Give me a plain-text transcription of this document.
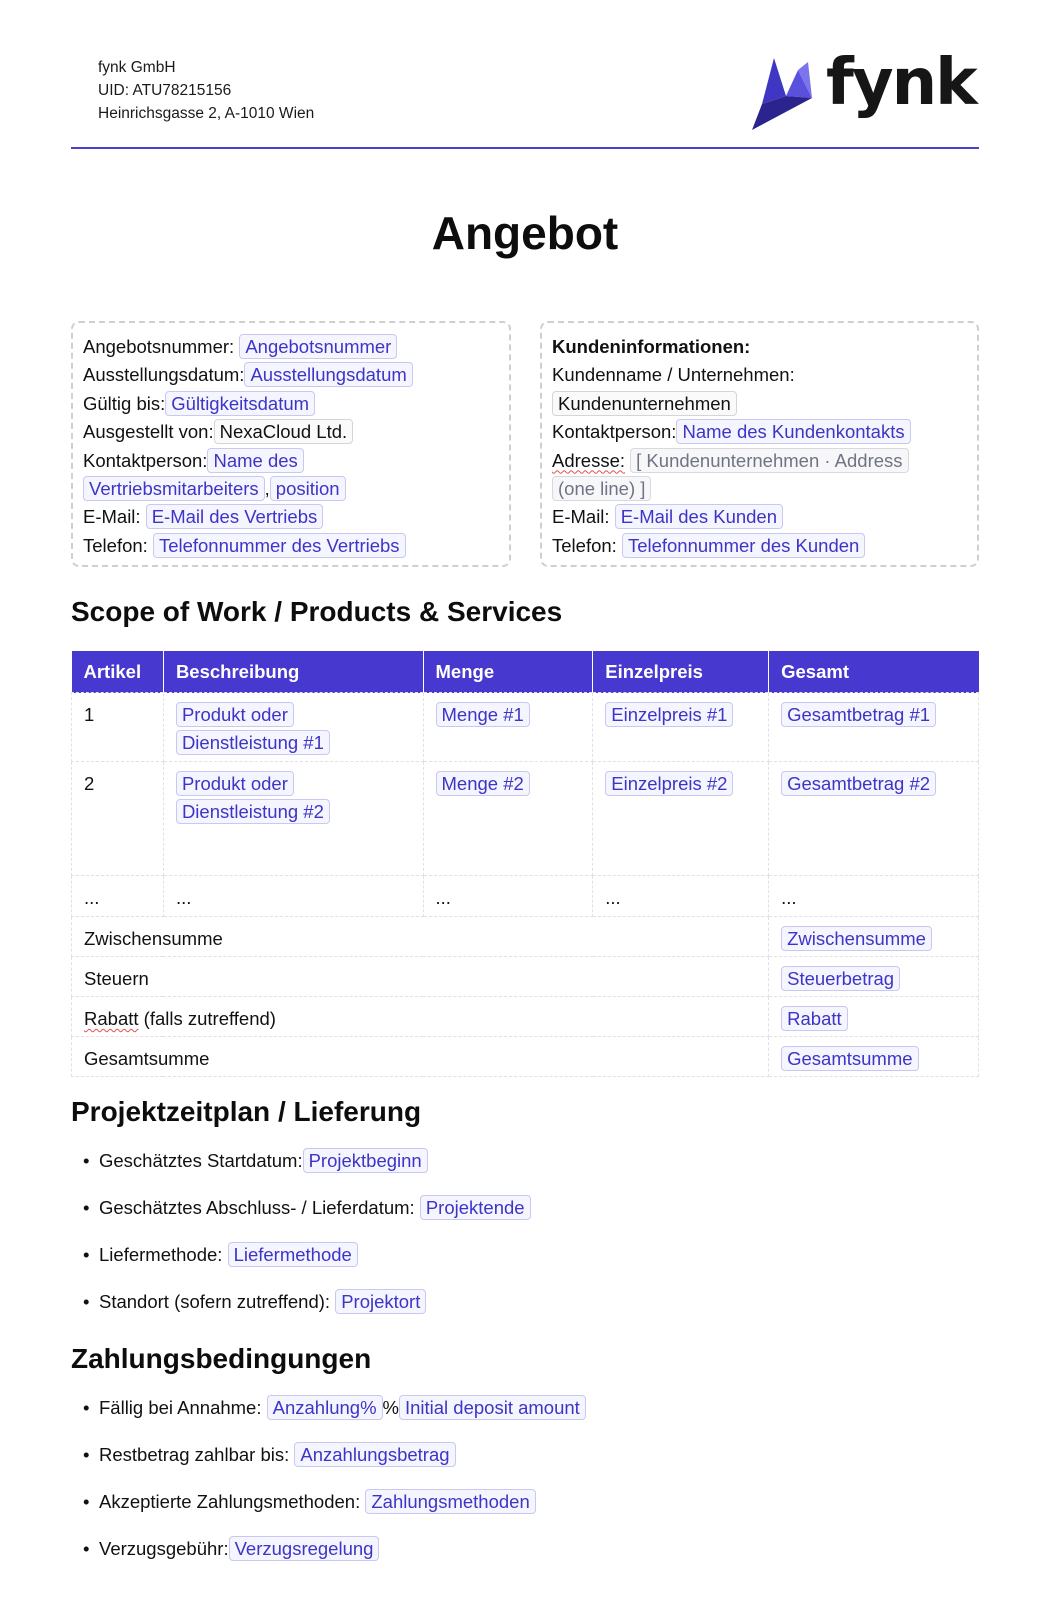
fynk GmbH
UID: ATU78215156
Heinrichsgasse 2, A-1010 Wien	fynk
Angebot
Angebotsnummer: Angebotsnummer
Ausstellungsdatum: Ausstellungsdatum
Gültig bis: Gültigkeitsdatum
Ausgestellt von: NexaCloud Ltd.
Kontaktperson: Name des
Vertriebsmitarbeiters , position
E-Mail: E-Mail des Vertriebs
Telefon: Telefonnummer des Vertriebs
Kundeninformationen:
Kundenname / Unternehmen:
Kundenunternehmen
Kontaktperson: Name des Kundenkontakts
Adresse: [ Kundenunternehmen · Address
(one line) ]
E-Mail: E-Mail des Kunden
Telefon: Telefonnummer des Kunden
Scope of Work / Products & Services
Artikel	Beschreibung	Menge	Einzelpreis	Gesamt
1	Produkt oder
Dienstleistung #1	Menge #1	Einzelpreis #1	Gesamtbetrag #1
2	Produkt oder
Dienstleistung #2	Menge #2	Einzelpreis #2	Gesamtbetrag #2
...	...	...	...	...
Zwischensumme				Zwischensumme
Steuern				Steuerbetrag
Rabatt (falls zutreffend)				Rabatt
Gesamtsumme				Gesamtsumme
Projektzeitplan / Lieferung
• Geschätztes Startdatum: Projektbeginn
• Geschätztes Abschluss- / Lieferdatum: Projektende
• Liefermethode: Liefermethode
• Standort (sofern zutreffend): Projektort
Zahlungsbedingungen
• Fällig bei Annahme: Anzahlung% % Initial deposit amount
• Restbetrag zahlbar bis: Anzahlungsbetrag
• Akzeptierte Zahlungsmethoden: Zahlungsmethoden
• Verzugsgebühr: Verzugsregelung
